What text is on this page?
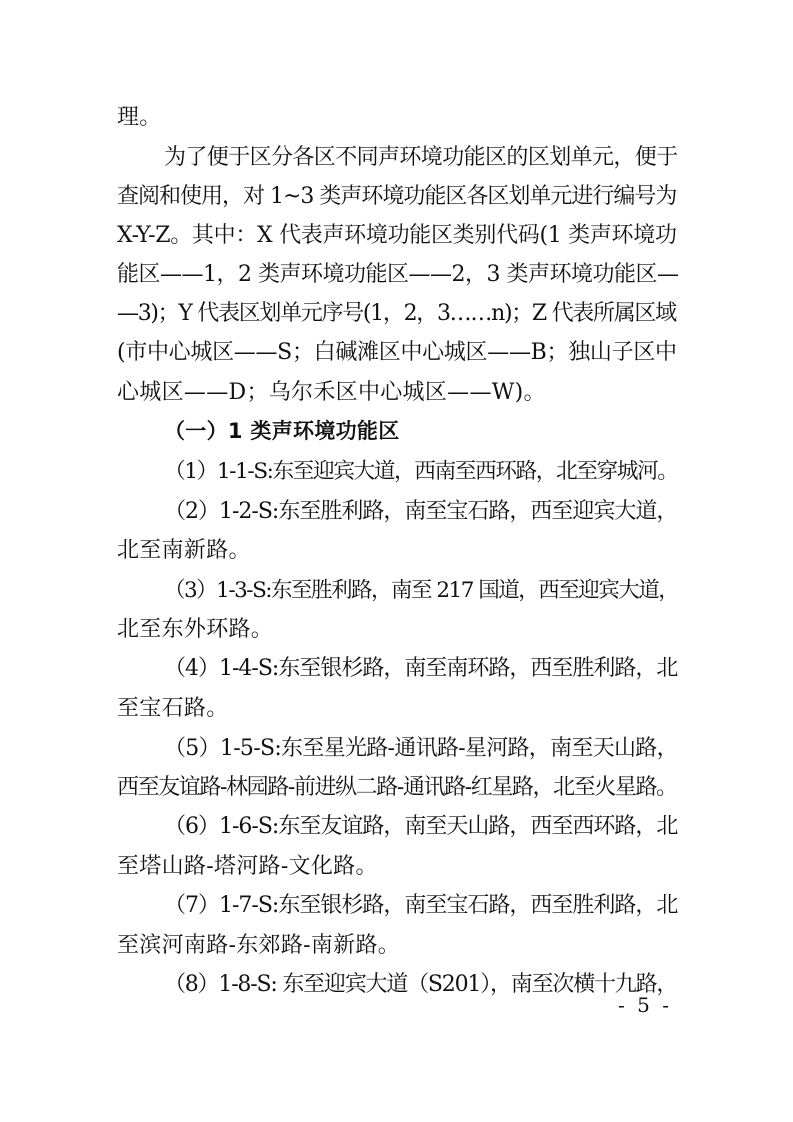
理。
为了便于区分各区不同声环境功能区的区划单元，便于
查阅和使用，对 1~3 类声环境功能区各区划单元进行编号为
X-Y-Z。其中：X 代表声环境功能区类别代码(1 类声环境功
能区——1，2 类声环境功能区——2，3 类声环境功能区—
—3)；Y 代表区划单元序号(1，2，3……n)；Z 代表所属区域
(市中心城区——S；白碱滩区中心城区——B；独山子区中
心城区——D；乌尔禾区中心城区——W)。
（一）1 类声环境功能区
（1）1-1-S:东至迎宾大道，西南至西环路，北至穿城河。
（2）1-2-S:东至胜利路，南至宝石路，西至迎宾大道，
北至南新路。
（3）1-3-S:东至胜利路，南至 217 国道，西至迎宾大道，
北至东外环路。
（4）1-4-S:东至银杉路，南至南环路，西至胜利路，北
至宝石路。
（5）1-5-S:东至星光路-通讯路-星河路，南至天山路，
西至友谊路-林园路-前进纵二路-通讯路-红星路，北至火星路。
（6）1-6-S:东至友谊路，南至天山路，西至西环路，北
至塔山路-塔河路-文化路。
（7）1-7-S:东至银杉路，南至宝石路，西至胜利路，北
至滨河南路-东郊路-南新路。
（8）1-8-S: 东至迎宾大道（S201），南至次横十九路，
- 5 -
